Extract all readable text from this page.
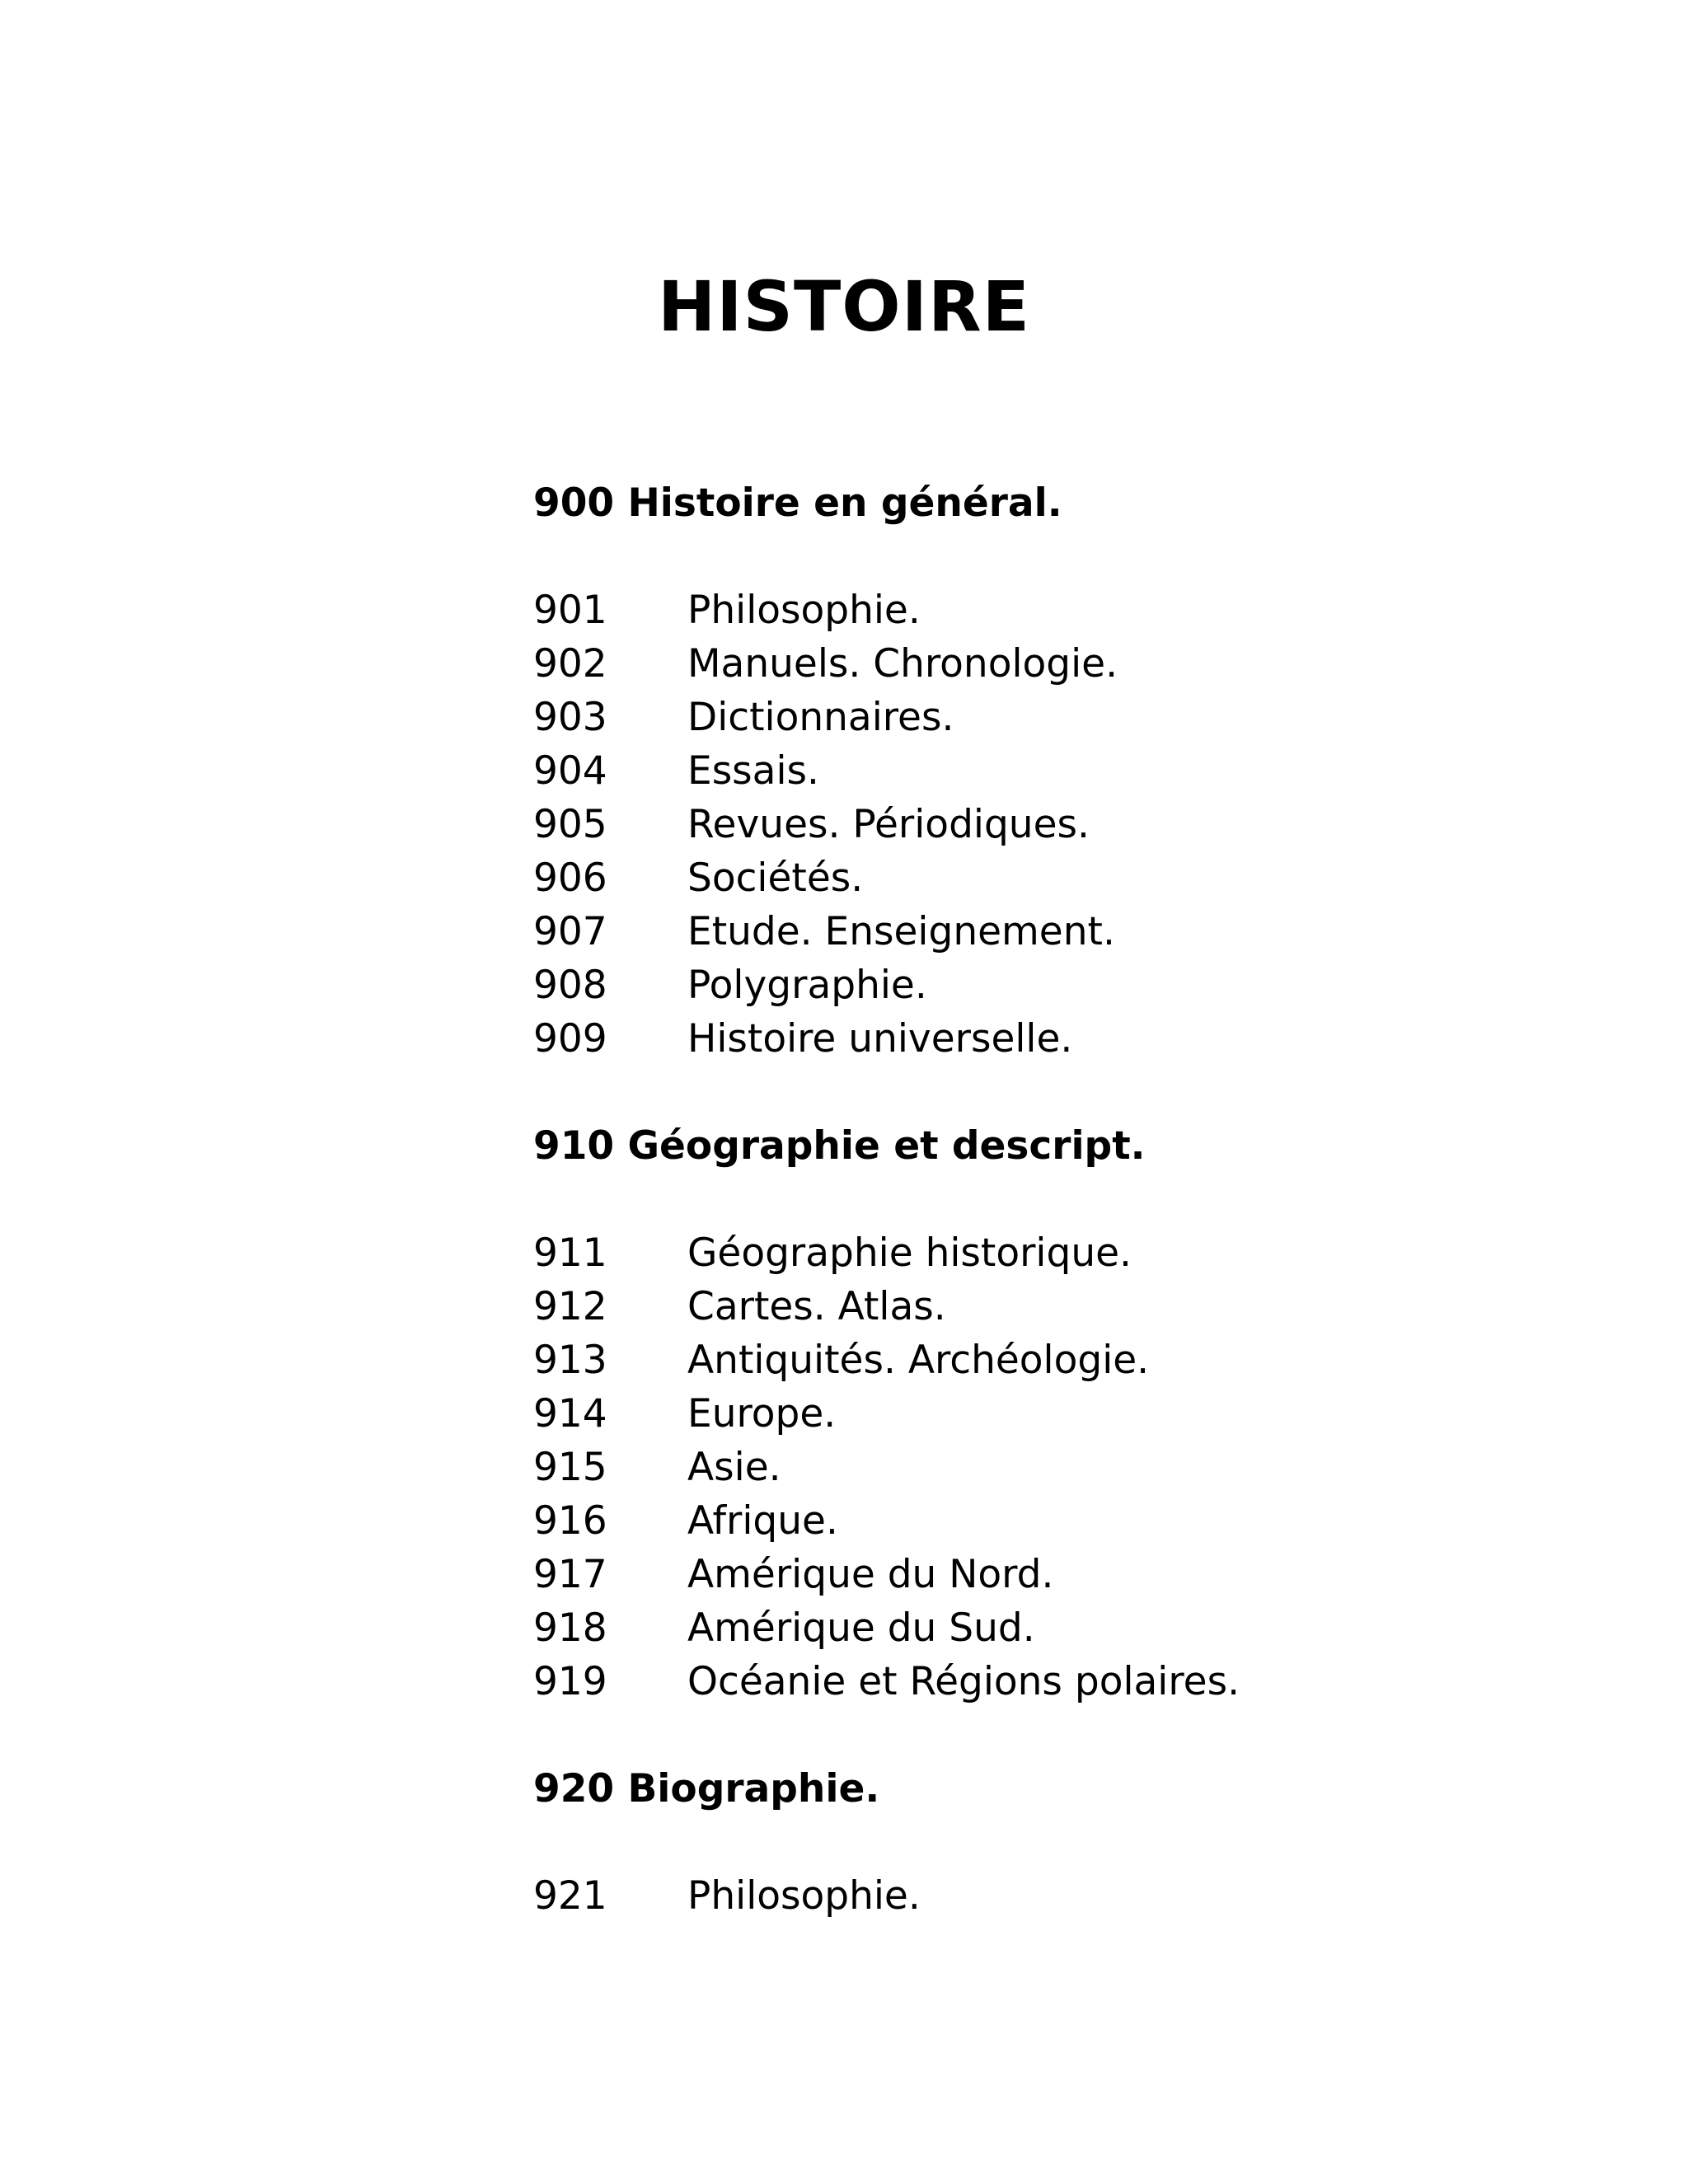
HISTOIRE
900 Histoire en général.
901	Philosophie.
902	Manuels. Chronologie.
903	Dictionnaires.
904	Essais.
905	Revues. Périodiques.
906	Sociétés.
907	Etude. Enseignement.
908	Polygraphie.
909	Histoire universelle.
910 Géographie et descript.
911	Géographie historique.
912	Cartes. Atlas.
913	Antiquités. Archéologie.
914	Europe.
915	Asie.
916	Afrique.
917	Amérique du Nord.
918	Amérique du Sud.
919	Océanie et Régions polaires.
920 Biographie.
921	Philosophie.
